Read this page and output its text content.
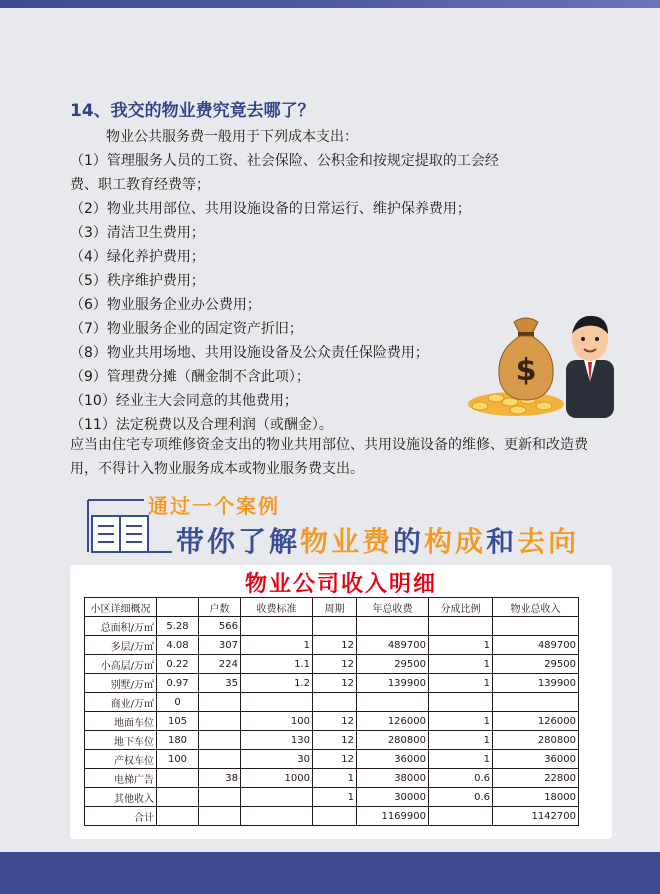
14、我交的物业费究竟去哪了？
物业公共服务费一般用于下列成本支出：
（1）管理服务人员的工资、社会保险、公积金和按规定提取的工会经
费、职工教育经费等；
（2）物业共用部位、共用设施设备的日常运行、维护保养费用；
（3）清洁卫生费用；
（4）绿化养护费用；
（5）秩序维护费用；
（6）物业服务企业办公费用；
（7）物业服务企业的固定资产折旧；
（8）物业共用场地、共用设施设备及公众责任保险费用；
（9）管理费分摊（酬金制不含此项）；
（10）经业主大会同意的其他费用；
（11）法定税费以及合理利润（或酬金）。
应当由住宅专项维修资金支出的物业共用部位、共用设施设备的维修、更新和改造费用，不得计入物业服务成本或物业服务费支出。
$
通过一个案例
带你了解物业费的构成和去向
物业公司收入明细
小区详细概况		户数	收费标准	周期	年总收费	分成比例	物业总收入
总面积/万㎡	5.28	566					
多层/万㎡	4.08	307	1	12	489700	1	489700
小高层/万㎡	0.22	224	1.1	12	29500	1	29500
别墅/万㎡	0.97	35	1.2	12	139900	1	139900
商业/万㎡	0						
地面车位	105		100	12	126000	1	126000
地下车位	180		130	12	280800	1	280800
产权车位	100		30	12	36000	1	36000
电梯广告		38	1000	1	38000	0.6	22800
其他收入				1	30000	0.6	18000
合计					1169900		1142700
